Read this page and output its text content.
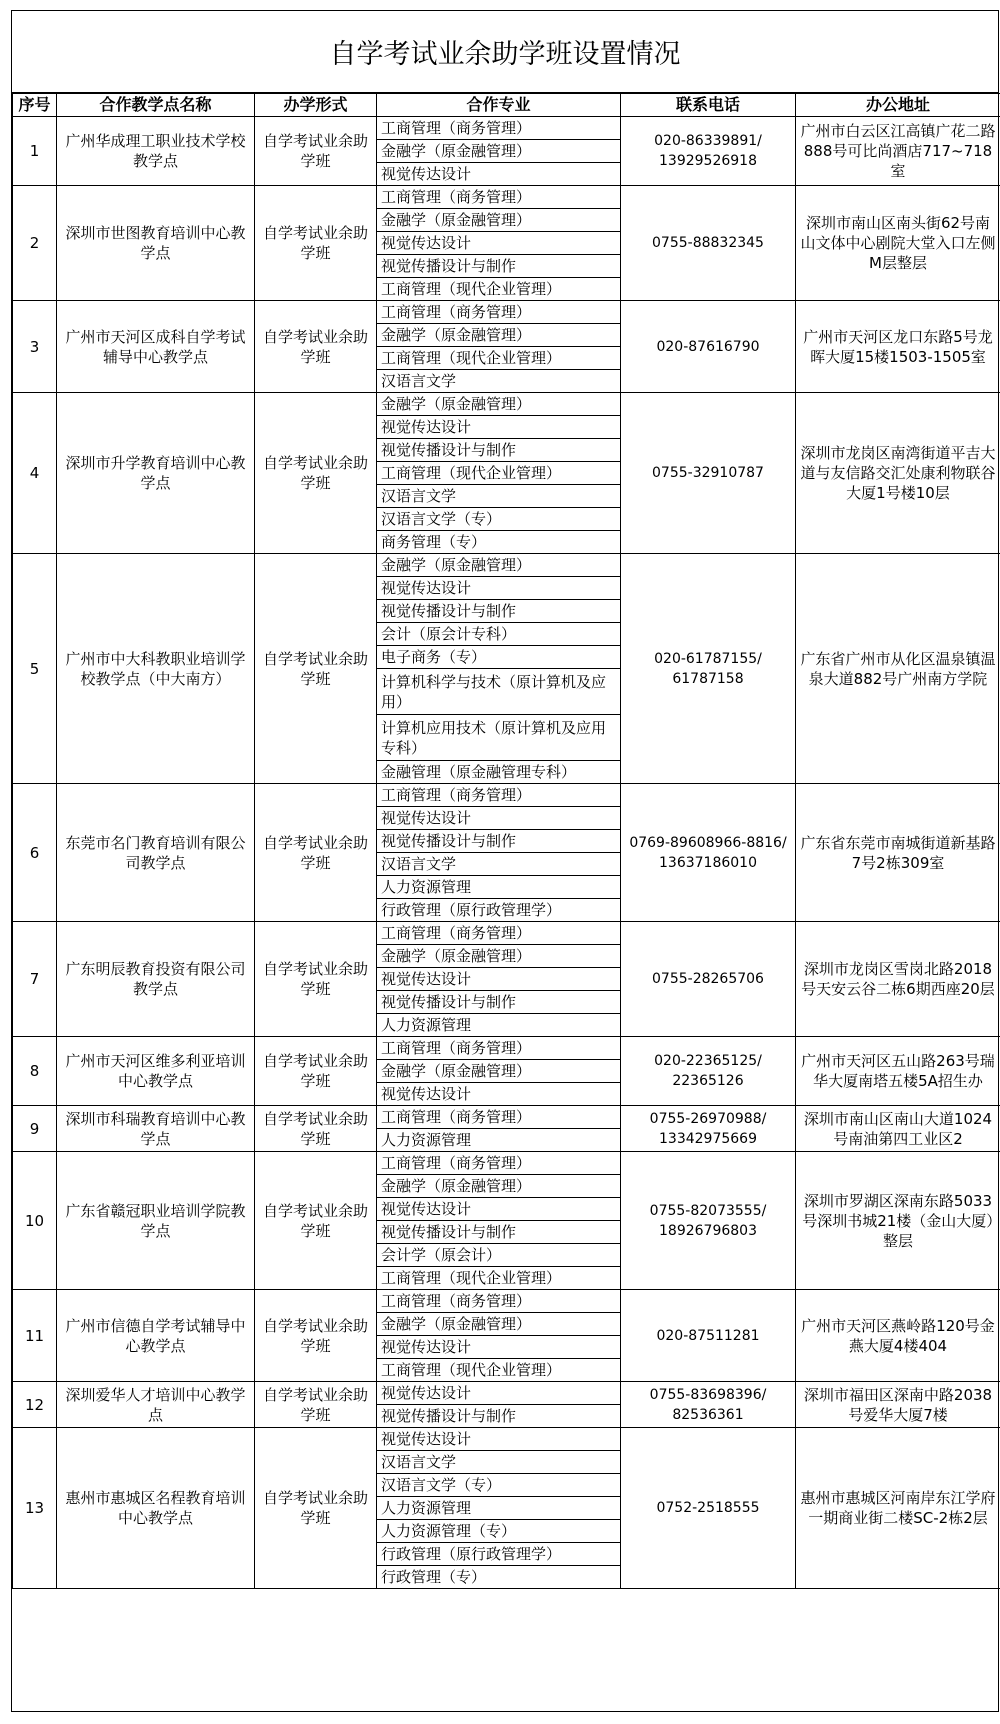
自学考试业余助学班设置情况
序号	合作教学点名称	办学形式	合作专业	联系电话	办公地址
1	广州华成理工职业技术学校教学点	自学考试业余助学班	工商管理（商务管理）	020-86339891/ 13929526918	广州市白云区江高镇广花二路888号可比尚酒店717~718室
			金融学（原金融管理）		
			视觉传达设计		
2	深圳市世图教育培训中心教学点	自学考试业余助学班	工商管理（商务管理）	0755-88832345	深圳市南山区南头街62号南山文体中心剧院大堂入口左侧M层整层
			金融学（原金融管理）		
			视觉传达设计		
			视觉传播设计与制作		
			工商管理（现代企业管理）		
3	广州市天河区成科自学考试辅导中心教学点	自学考试业余助学班	工商管理（商务管理）	020-87616790	广州市天河区龙口东路5号龙晖大厦15楼1503-1505室
			金融学（原金融管理）		
			工商管理（现代企业管理）		
			汉语言文学		
4	深圳市升学教育培训中心教学点	自学考试业余助学班	金融学（原金融管理）	0755-32910787	深圳市龙岗区南湾街道平吉大道与友信路交汇处康利物联谷大厦1号楼10层
			视觉传达设计		
			视觉传播设计与制作		
			工商管理（现代企业管理）		
			汉语言文学		
			汉语言文学（专）		
			商务管理（专）		
5	广州市中大科教职业培训学校教学点（中大南方）	自学考试业余助学班	金融学（原金融管理）	020-61787155/ 61787158	广东省广州市从化区温泉镇温泉大道882号广州南方学院
			视觉传达设计		
			视觉传播设计与制作		
			会计（原会计专科）		
			电子商务（专）		
			计算机科学与技术（原计算机及应用）		
			计算机应用技术（原计算机及应用专科）		
			金融管理（原金融管理专科）		
6	东莞市名门教育培训有限公司教学点	自学考试业余助学班	工商管理（商务管理）	0769-89608966-8816/ 13637186010	广东省东莞市南城街道新基路7号2栋309室
			视觉传达设计		
			视觉传播设计与制作		
			汉语言文学		
			人力资源管理		
			行政管理（原行政管理学）		
7	广东明辰教育投资有限公司教学点	自学考试业余助学班	工商管理（商务管理）	0755-28265706	深圳市龙岗区雪岗北路2018号天安云谷二栋6期西座20层
			金融学（原金融管理）		
			视觉传达设计		
			视觉传播设计与制作		
			人力资源管理		
8	广州市天河区维多利亚培训中心教学点	自学考试业余助学班	工商管理（商务管理）	020-22365125/ 22365126	广州市天河区五山路263号瑞华大厦南塔五楼5A招生办
			金融学（原金融管理）		
			视觉传达设计		
9	深圳市科瑞教育培训中心教学点	自学考试业余助学班	工商管理（商务管理）	0755-26970988/ 13342975669	深圳市南山区南山大道1024号南油第四工业区2
			人力资源管理		
10	广东省赣冠职业培训学院教学点	自学考试业余助学班	工商管理（商务管理）	0755-82073555/ 18926796803	深圳市罗湖区深南东路5033号深圳书城21楼（金山大厦）整层
			金融学（原金融管理）		
			视觉传达设计		
			视觉传播设计与制作		
			会计学（原会计）		
			工商管理（现代企业管理）		
11	广州市信德自学考试辅导中心教学点	自学考试业余助学班	工商管理（商务管理）	020-87511281	广州市天河区燕岭路120号金燕大厦4楼404
			金融学（原金融管理）		
			视觉传达设计		
			工商管理（现代企业管理）		
12	深圳爱华人才培训中心教学点	自学考试业余助学班	视觉传达设计	0755-83698396/ 82536361	深圳市福田区深南中路2038号爱华大厦7楼
			视觉传播设计与制作		
13	惠州市惠城区名程教育培训中心教学点	自学考试业余助学班	视觉传达设计	0752-2518555	惠州市惠城区河南岸东江学府一期商业街二楼SC-2栋2层
			汉语言文学		
			汉语言文学（专）		
			人力资源管理		
			人力资源管理（专）		
			行政管理（原行政管理学）		
			行政管理（专）		
